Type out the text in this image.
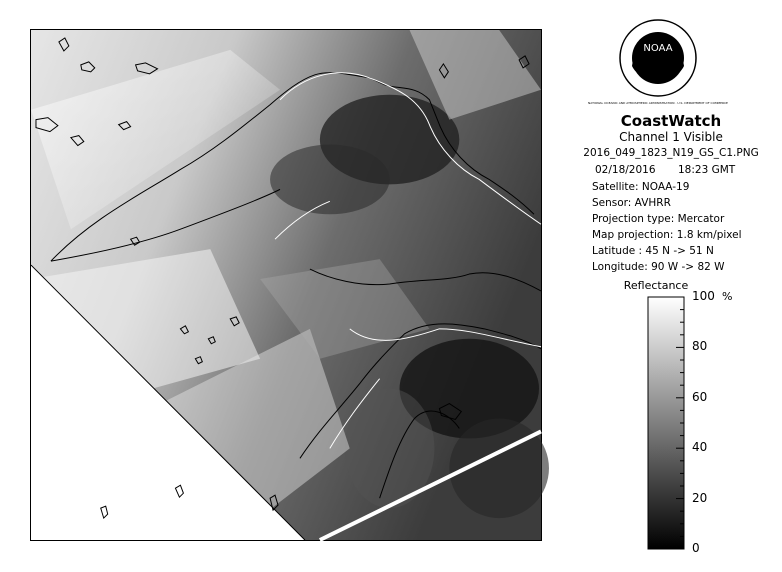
NOAA
NATIONAL OCEANIC AND ATMOSPHERIC ADMINISTRATION · U.S. DEPARTMENT OF COMMERCE
CoastWatch
Channel 1 Visible
2016_049_1823_N19_GS_C1.PNG
02/18/2016 18:23 GMT
Satellite: NOAA-19
Sensor: AVHRR
Projection type: Mercator
Map projection: 1.8 km/pixel
Latitude : 45 N -> 51 N
Longitude: 90 W -> 82 W
Reflectance
100
80
60
40
20
0
%
